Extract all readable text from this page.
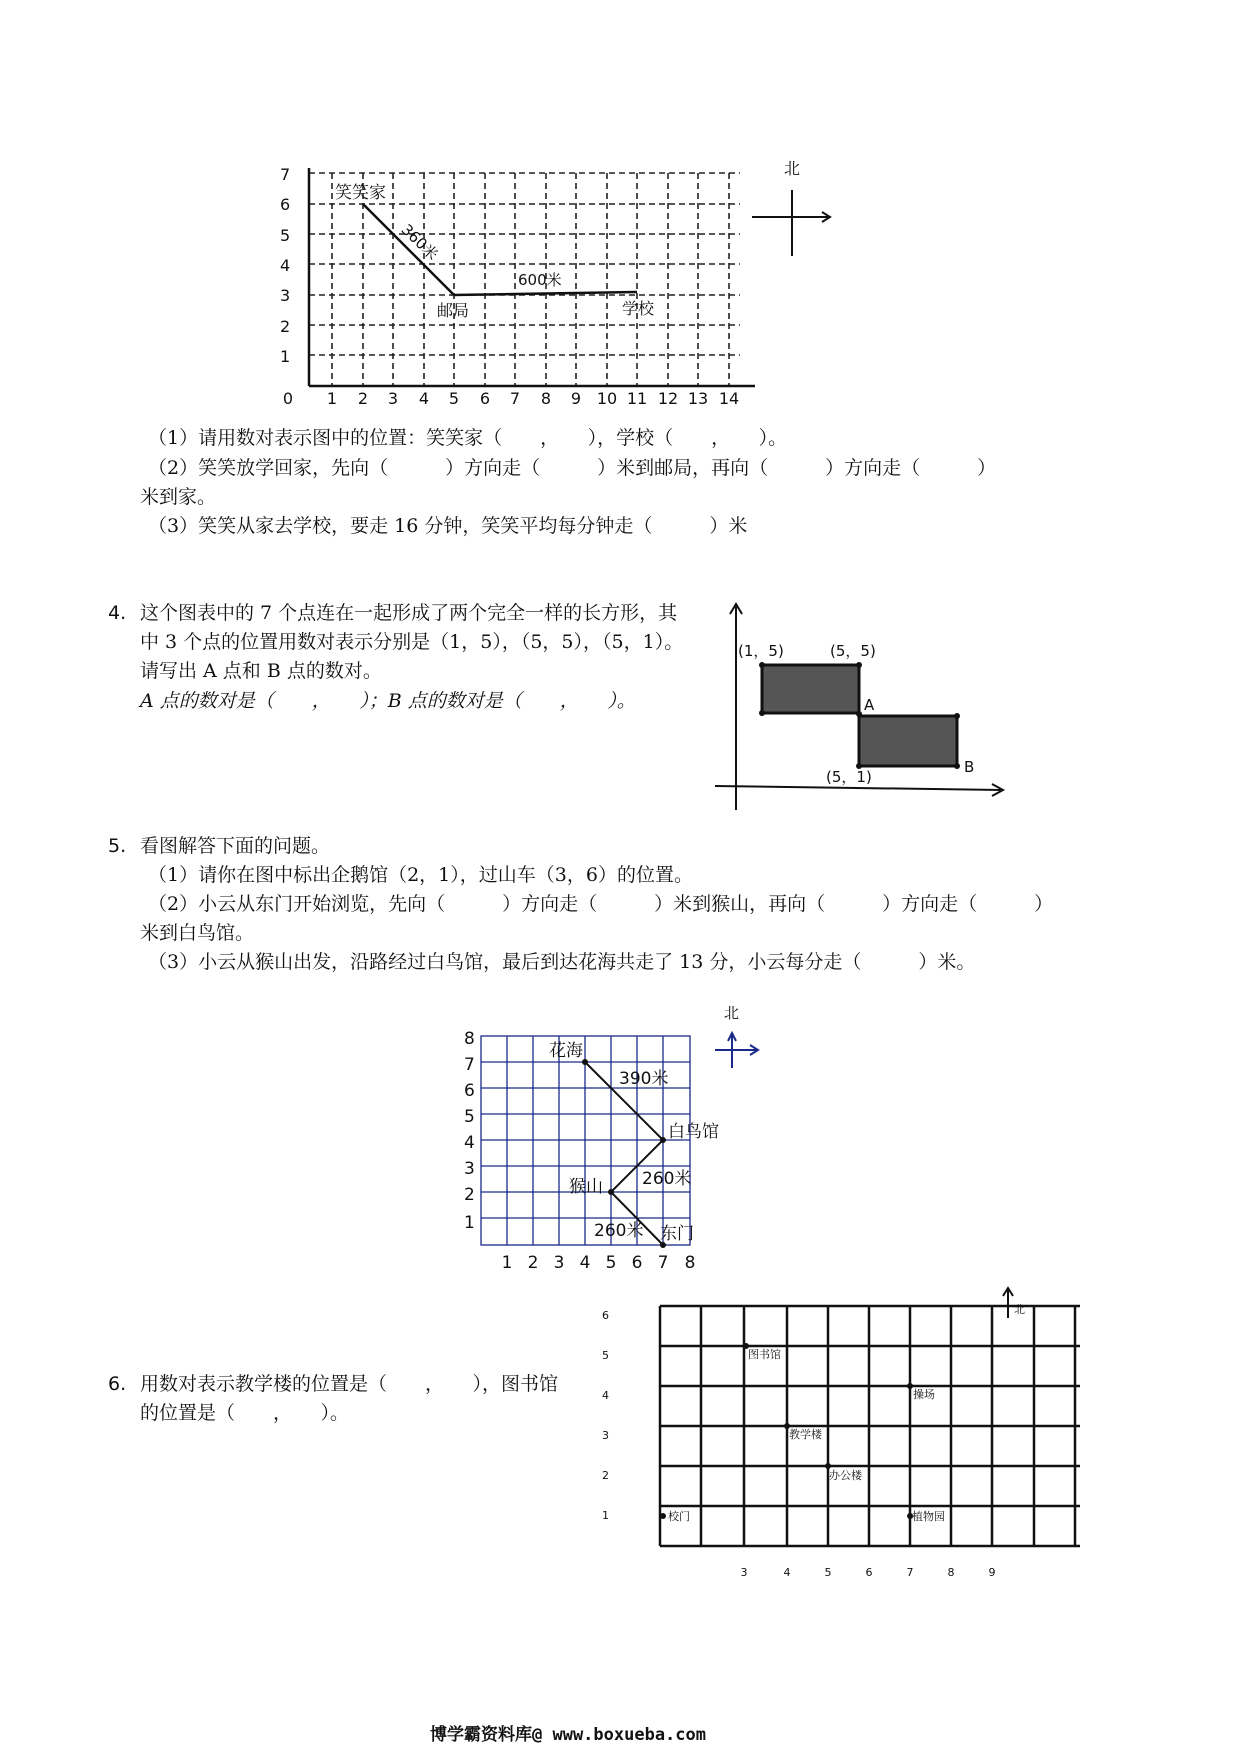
1
2
3
4
5
6
7
0 1 2 3 4 5 6 7 8 9 10 11 12 13 14
笑笑家
邮局	学校
360米
600米
北
（1）请用数对表示图中的位置：笑笑家（　　，　　），学校（　　，　　）。
（2）笑笑放学回家，先向（　　　）方向走（　　　）米到邮局，再向（　　　）方向走（　　　）
米到家。
（3）笑笑从家去学校，要走 16 分钟，笑笑平均每分钟走（　　　）米
4. 这个图表中的 7 个点连在一起形成了两个完全一样的长方形，其
中 3 个点的位置用数对表示分别是（1，5），（5，5），（5，1）。
请写出 A 点和 B 点的数对。
A 点的数对是（　　，　　）；B 点的数对是（　　，　　）。
(1，5)	(5，5)
A
B
(5，1)
5. 看图解答下面的问题。
（1）请你在图中标出企鹅馆（2，1），过山车（3，6）的位置。
（2）小云从东门开始浏览，先向（　　　）方向走（　　　）米到猴山，再向（　　　）方向走（　　　）
米到白鸟馆。
（3）小云从猴山出发，沿路经过白鸟馆，最后到达花海共走了 13 分，小云每分走（　　　）米。
1
2
3
4
5
6
7
8
1 2 3 4 5 6 7 8
花海
390米
白鸟馆
260米
猴山
260米 东门
北
6. 用数对表示教学楼的位置是（　　，　　），图书馆
的位置是（　　，　　）。
1
2
3
4
5
6
3	4	5	6	7	8	9
图书馆
操场
教学楼
办公楼
校门	植物园
北
博学霸资料库@ www.boxueba.com
